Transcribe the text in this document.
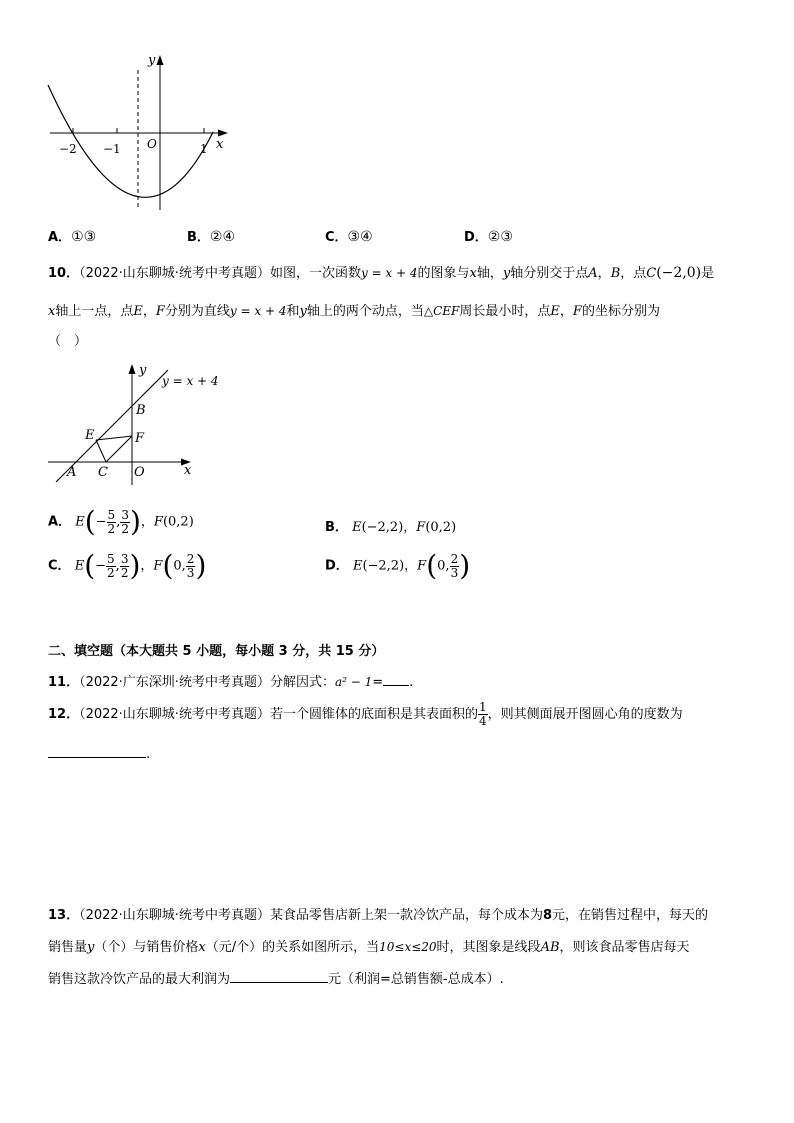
y
x
O
−2 −1	1
A．①③	B．②④	C．③④	D．②③
10．（2022·山东聊城·统考中考真题）如图，一次函数y = x + 4的图象与x轴，y轴分别交于点A，B，点C(−2,0)是
x轴上一点，点E，F分别为直线y = x + 4和y轴上的两个动点，当△CEF周长最小时，点E，F的坐标分别为
（　）
y = x + 4
y
x
A
B
C
E	F
O
A． $E(- \frac{5}{2}$ , $\frac{3}{2}$ )，F(0,2)	B． E(−2,2)，F(0,2)
C． $E(- \frac{5}{2}$ , $\frac{3}{2}$ )，F(0, $\frac{2}{3}$ )	D． E(−2,2)，F(0, $\frac{2}{3}$ )
二、填空题（本大题共 5 小题，每小题 3 分，共 15 分）
11．（2022·广东深圳·统考中考真题）分解因式：a² − 1= .
12．（2022·山东聊城·统考中考真题）若一个圆锥体的底面积是其表面积的 $\frac{1}{4}$ ，则其侧面展开图圆心角的度数为
.
13．（2022·山东聊城·统考中考真题）某食品零售店新上架一款冷饮产品，每个成本为8元，在销售过程中，每天的
销售量y（个）与销售价格x（元/个）的关系如图所示，当10≤x≤20时，其图象是线段AB，则该食品零售店每天
销售这款冷饮产品的最大利润为	元（利润=总销售额-总成本）.
